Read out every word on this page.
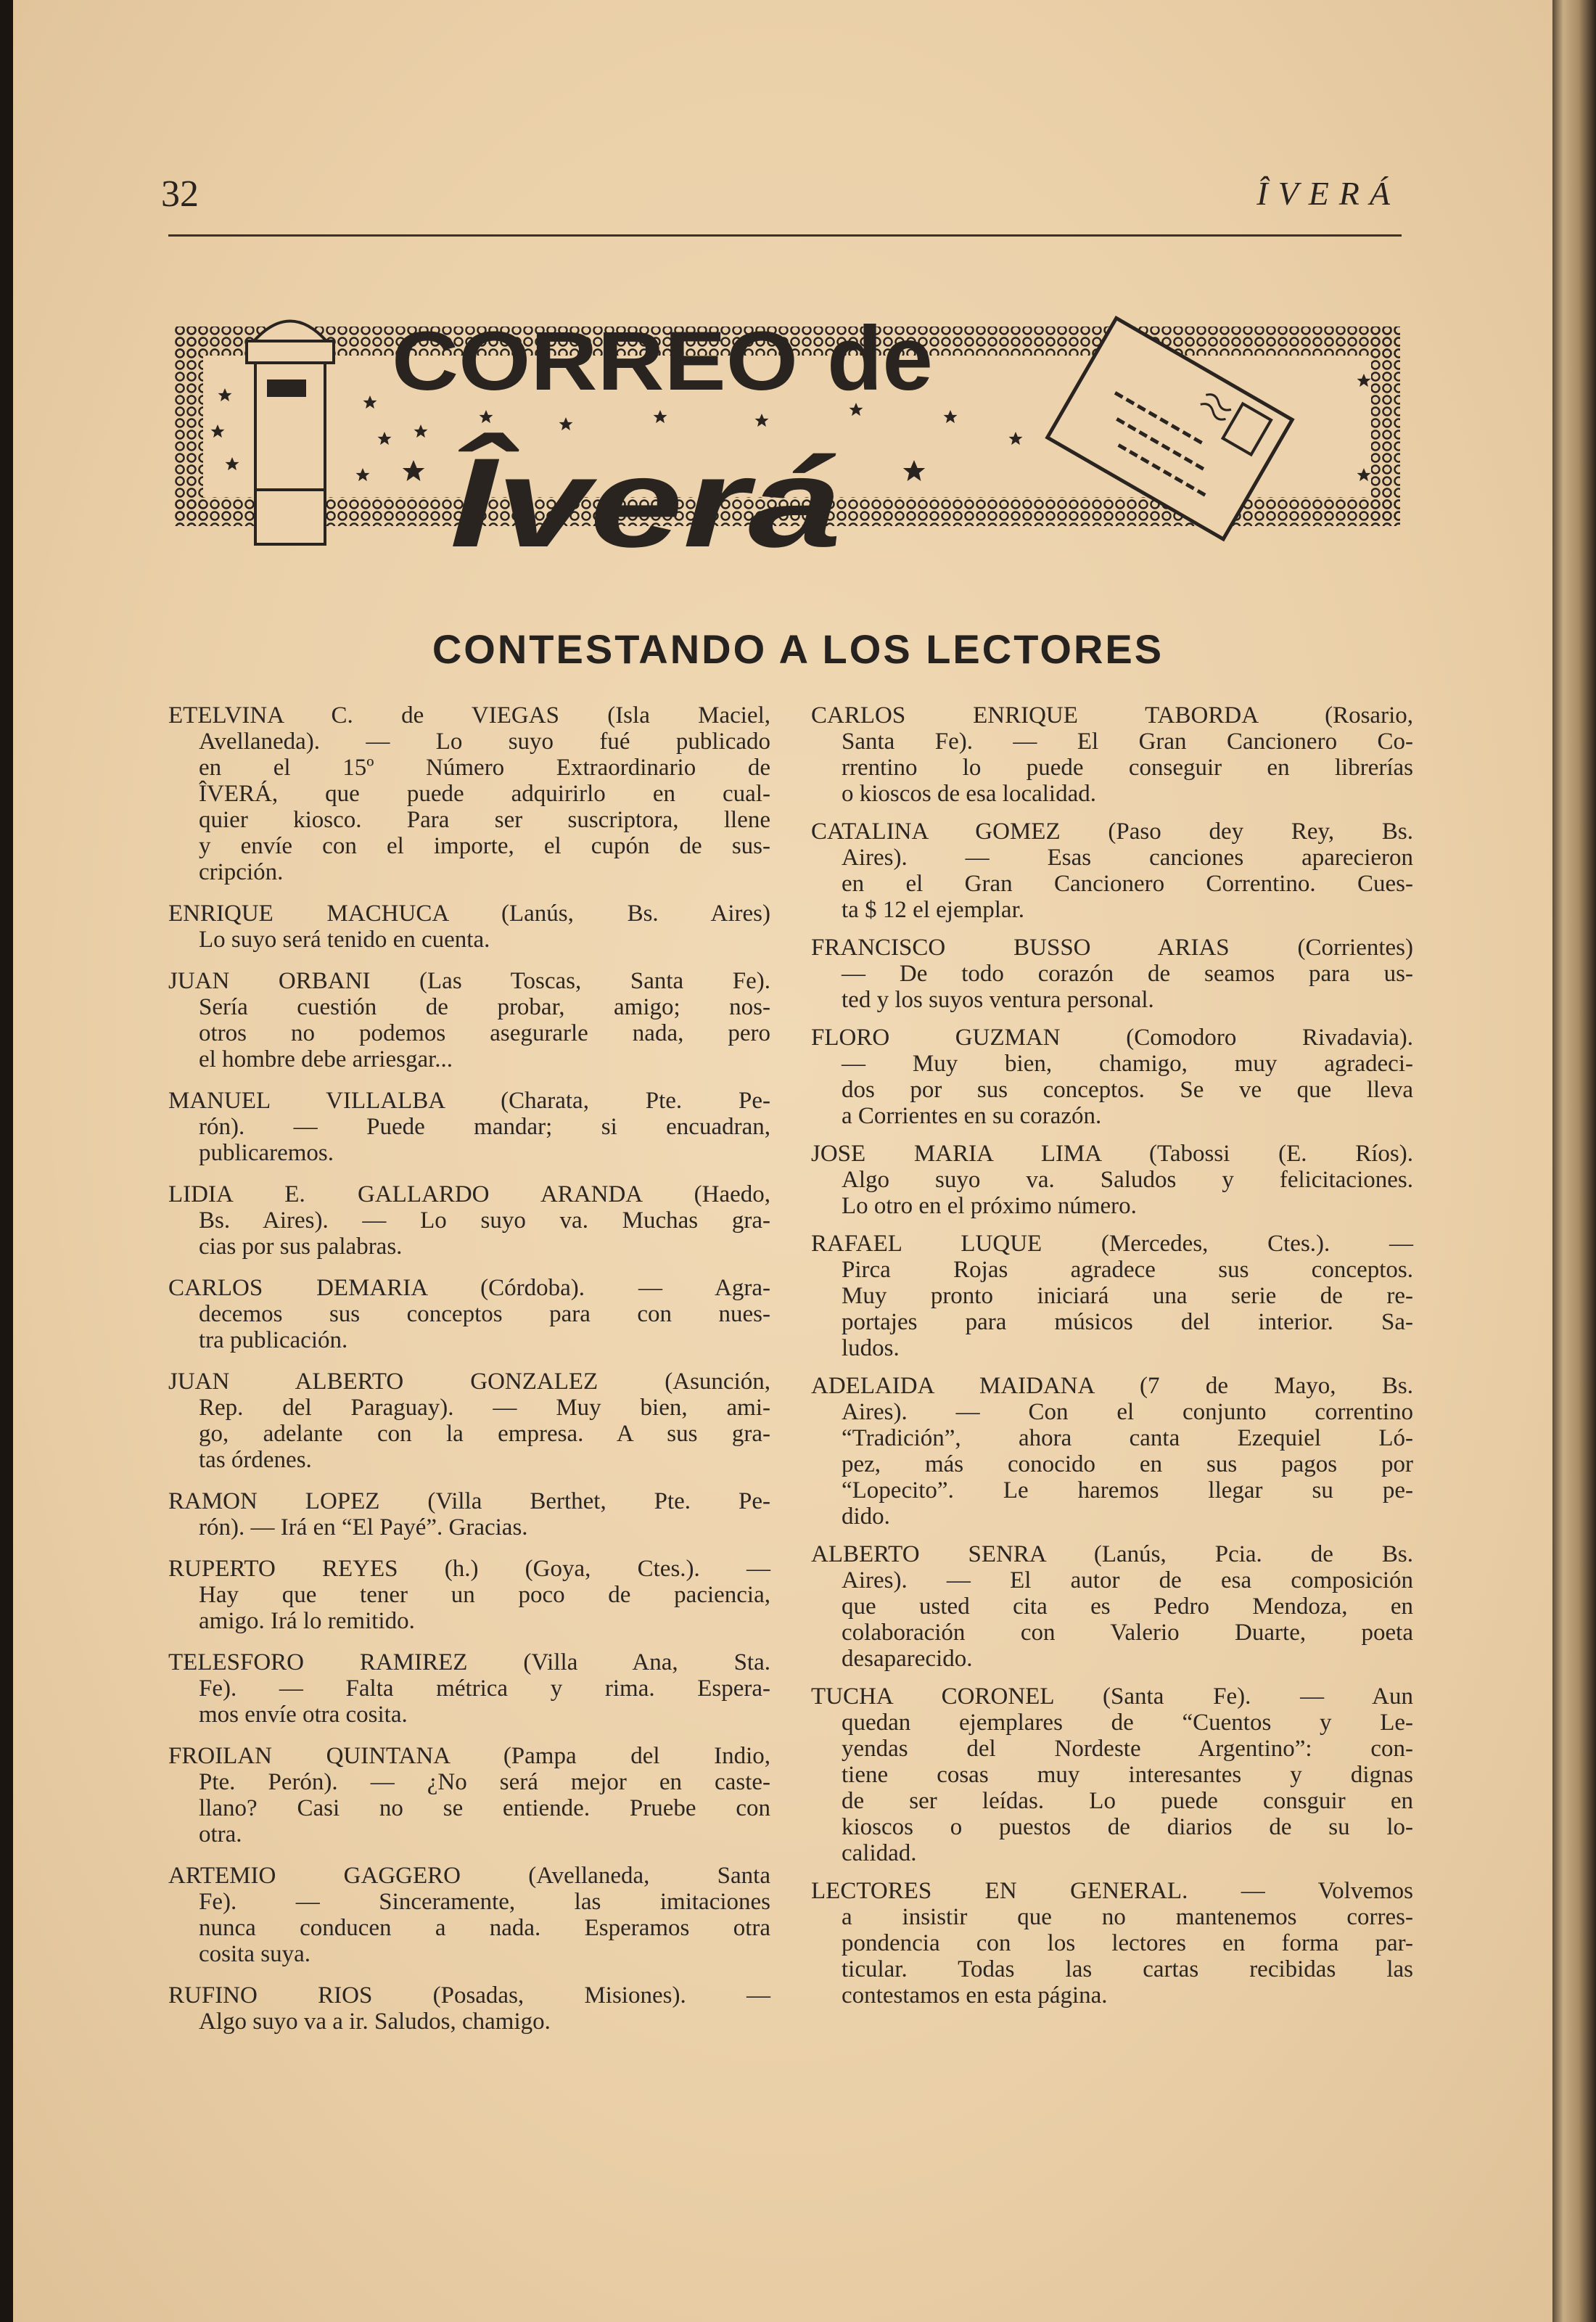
32	ÎVERÁ
CORREO de
Îverá
CONTESTANDO A LOS LECTORES
ETELVINA C. de VIEGAS (Isla Maciel,
Avellaneda). — Lo suyo fué publicado
en el 15º Número Extraordinario de
ÎVERÁ, que puede adquirirlo en cual-
quier kiosco. Para ser suscriptora, llene
y envíe con el importe, el cupón de sus-
cripción.
ENRIQUE MACHUCA (Lanús, Bs. Aires)
Lo suyo será tenido en cuenta.
JUAN ORBANI (Las Toscas, Santa Fe).
Sería cuestión de probar, amigo; nos-
otros no podemos asegurarle nada, pero
el hombre debe arriesgar...
MANUEL VILLALBA (Charata, Pte. Pe-
rón). — Puede mandar; si encuadran,
publicaremos.
LIDIA E. GALLARDO ARANDA (Haedo,
Bs. Aires). — Lo suyo va. Muchas gra-
cias por sus palabras.
CARLOS DEMARIA (Córdoba). — Agra-
decemos sus conceptos para con nues-
tra publicación.
JUAN ALBERTO GONZALEZ (Asunción,
Rep. del Paraguay). — Muy bien, ami-
go, adelante con la empresa. A sus gra-
tas órdenes.
RAMON LOPEZ (Villa Berthet, Pte. Pe-
rón). — Irá en “El Payé”. Gracias.
RUPERTO REYES (h.) (Goya, Ctes.). —
Hay que tener un poco de paciencia,
amigo. Irá lo remitido.
TELESFORO RAMIREZ (Villa Ana, Sta.
Fe). — Falta métrica y rima. Espera-
mos envíe otra cosita.
FROILAN QUINTANA (Pampa del Indio,
Pte. Perón). — ¿No será mejor en caste-
llano? Casi no se entiende. Pruebe con
otra.
ARTEMIO GAGGERO (Avellaneda, Santa
Fe). — Sinceramente, las imitaciones
nunca conducen a nada. Esperamos otra
cosita suya.
RUFINO RIOS (Posadas, Misiones). —
Algo suyo va a ir. Saludos, chamigo.
CARLOS ENRIQUE TABORDA (Rosario,
Santa Fe). — El Gran Cancionero Co-
rrentino lo puede conseguir en librerías
o kioscos de esa localidad.
CATALINA GOMEZ (Paso dey Rey, Bs.
Aires). — Esas canciones aparecieron
en el Gran Cancionero Correntino. Cues-
ta $ 12 el ejemplar.
FRANCISCO BUSSO ARIAS (Corrientes)
— De todo corazón de seamos para us-
ted y los suyos ventura personal.
FLORO GUZMAN (Comodoro Rivadavia).
— Muy bien, chamigo, muy agradeci-
dos por sus conceptos. Se ve que lleva
a Corrientes en su corazón.
JOSE MARIA LIMA (Tabossi (E. Ríos).
Algo suyo va. Saludos y felicitaciones.
Lo otro en el próximo número.
RAFAEL LUQUE (Mercedes, Ctes.). —
Pirca Rojas agradece sus conceptos.
Muy pronto iniciará una serie de re-
portajes para músicos del interior. Sa-
ludos.
ADELAIDA MAIDANA (7 de Mayo, Bs.
Aires). — Con el conjunto correntino
“Tradición”, ahora canta Ezequiel Ló-
pez, más conocido en sus pagos por
“Lopecito”. Le haremos llegar su pe-
dido.
ALBERTO SENRA (Lanús, Pcia. de Bs.
Aires). — El autor de esa composición
que usted cita es Pedro Mendoza, en
colaboración con Valerio Duarte, poeta
desaparecido.
TUCHA CORONEL (Santa Fe). — Aun
quedan ejemplares de “Cuentos y Le-
yendas del Nordeste Argentino”: con-
tiene cosas muy interesantes y dignas
de ser leídas. Lo puede consguir en
kioscos o puestos de diarios de su lo-
calidad.
LECTORES EN GENERAL. — Volvemos
a insistir que no mantenemos corres-
pondencia con los lectores en forma par-
ticular. Todas las cartas recibidas las
contestamos en esta página.
